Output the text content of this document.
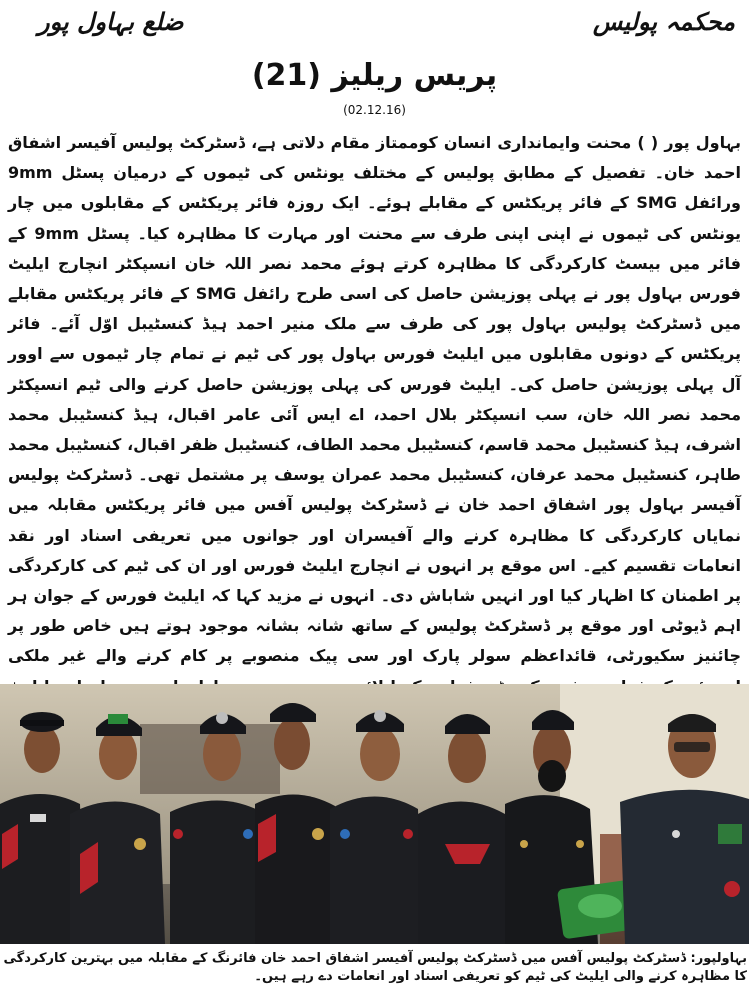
محکمہ پولیس
ضلع بہاول پور
پریس ریلیز (21)
(02.12.16)

بہاول پور ( ) محنت وایمانداری انسان کوممتاز مقام دلاتی ہے، ڈسٹرکٹ پولیس آفیسر اشفاق احمد خان۔ تفصیل کے مطابق پولیس کے مختلف یونٹس کی ٹیموں کے درمیان پسٹل 9mm ورائفل SMG کے فائر پریکٹس کے مقابلے ہوئے۔ ایک روزہ فائر پریکٹس کے مقابلوں میں چار یونٹس کی ٹیموں نے اپنی اپنی طرف سے محنت اور مہارت کا مظاہرہ کیا۔ پسٹل 9mm کے فائر میں بیسٹ کارکردگی کا مظاہرہ کرتے ہوئے محمد نصر اللہ خان انسپکٹر انچارج ایلیٹ فورس بہاول پور نے پہلی پوزیشن حاصل کی اسی طرح رائفل SMG کے فائر پریکٹس مقابلے میں ڈسٹرکٹ پولیس بہاول پور کی طرف سے ملک منیر احمد ہیڈ کنسٹیبل اوّل آئے۔ فائر پریکٹس کے دونوں مقابلوں میں ایلیٹ فورس بہاول پور کی ٹیم نے تمام چار ٹیموں سے اوور آل پہلی پوزیشن حاصل کی۔ ایلیٹ فورس کی پہلی پوزیشن حاصل کرنے والی ٹیم انسپکٹر محمد نصر اللہ خان، سب انسپکٹر بلال احمد، اے ایس آئی عامر اقبال، ہیڈ کنسٹیبل محمد اشرف، ہیڈ کنسٹیبل محمد قاسم، کنسٹیبل محمد الطاف، کنسٹیبل ظفر اقبال، کنسٹیبل محمد طاہر، کنسٹیبل محمد عرفان، کنسٹیبل محمد عمران یوسف پر مشتمل تھی۔ ڈسٹرکٹ پولیس آفیسر بہاول پور اشفاق احمد خان نے ڈسٹرکٹ پولیس آفس میں فائر پریکٹس مقابلہ میں نمایاں کارکردگی کا مظاہرہ کرنے والے آفیسران اور جوانوں میں تعریفی اسناد اور نقد انعامات تقسیم کیے۔ اس موقع پر انہوں نے انچارج ایلیٹ فورس اور ان کی ٹیم کی کارکردگی پر اطمنان کا اظہار کیا اور انہیں شاباش دی۔ انہوں نے مزید کہا کہ ایلیٹ فورس کے جوان ہر اہم ڈیوٹی اور موقع پر ڈسٹرکٹ پولیس کے ساتھ شانہ بشانہ موجود ہوتے ہیں خاص طور پر چائنیز سکیورٹی، قائداعظم سولر پارک اور سی پیک منصوبے پر کام کرنے والے غیر ملکی

بہاولپور: ڈسٹرکٹ پولیس آفس میں ڈسٹرکٹ پولیس آفیسر اشفاق احمد خان فائرنگ کے مقابلہ میں بہترین کارکردگی کا مظاہرہ کرنے والی ایلیٹ کی ٹیم کو تعریفی اسناد اور انعامات دے رہے ہیں۔
